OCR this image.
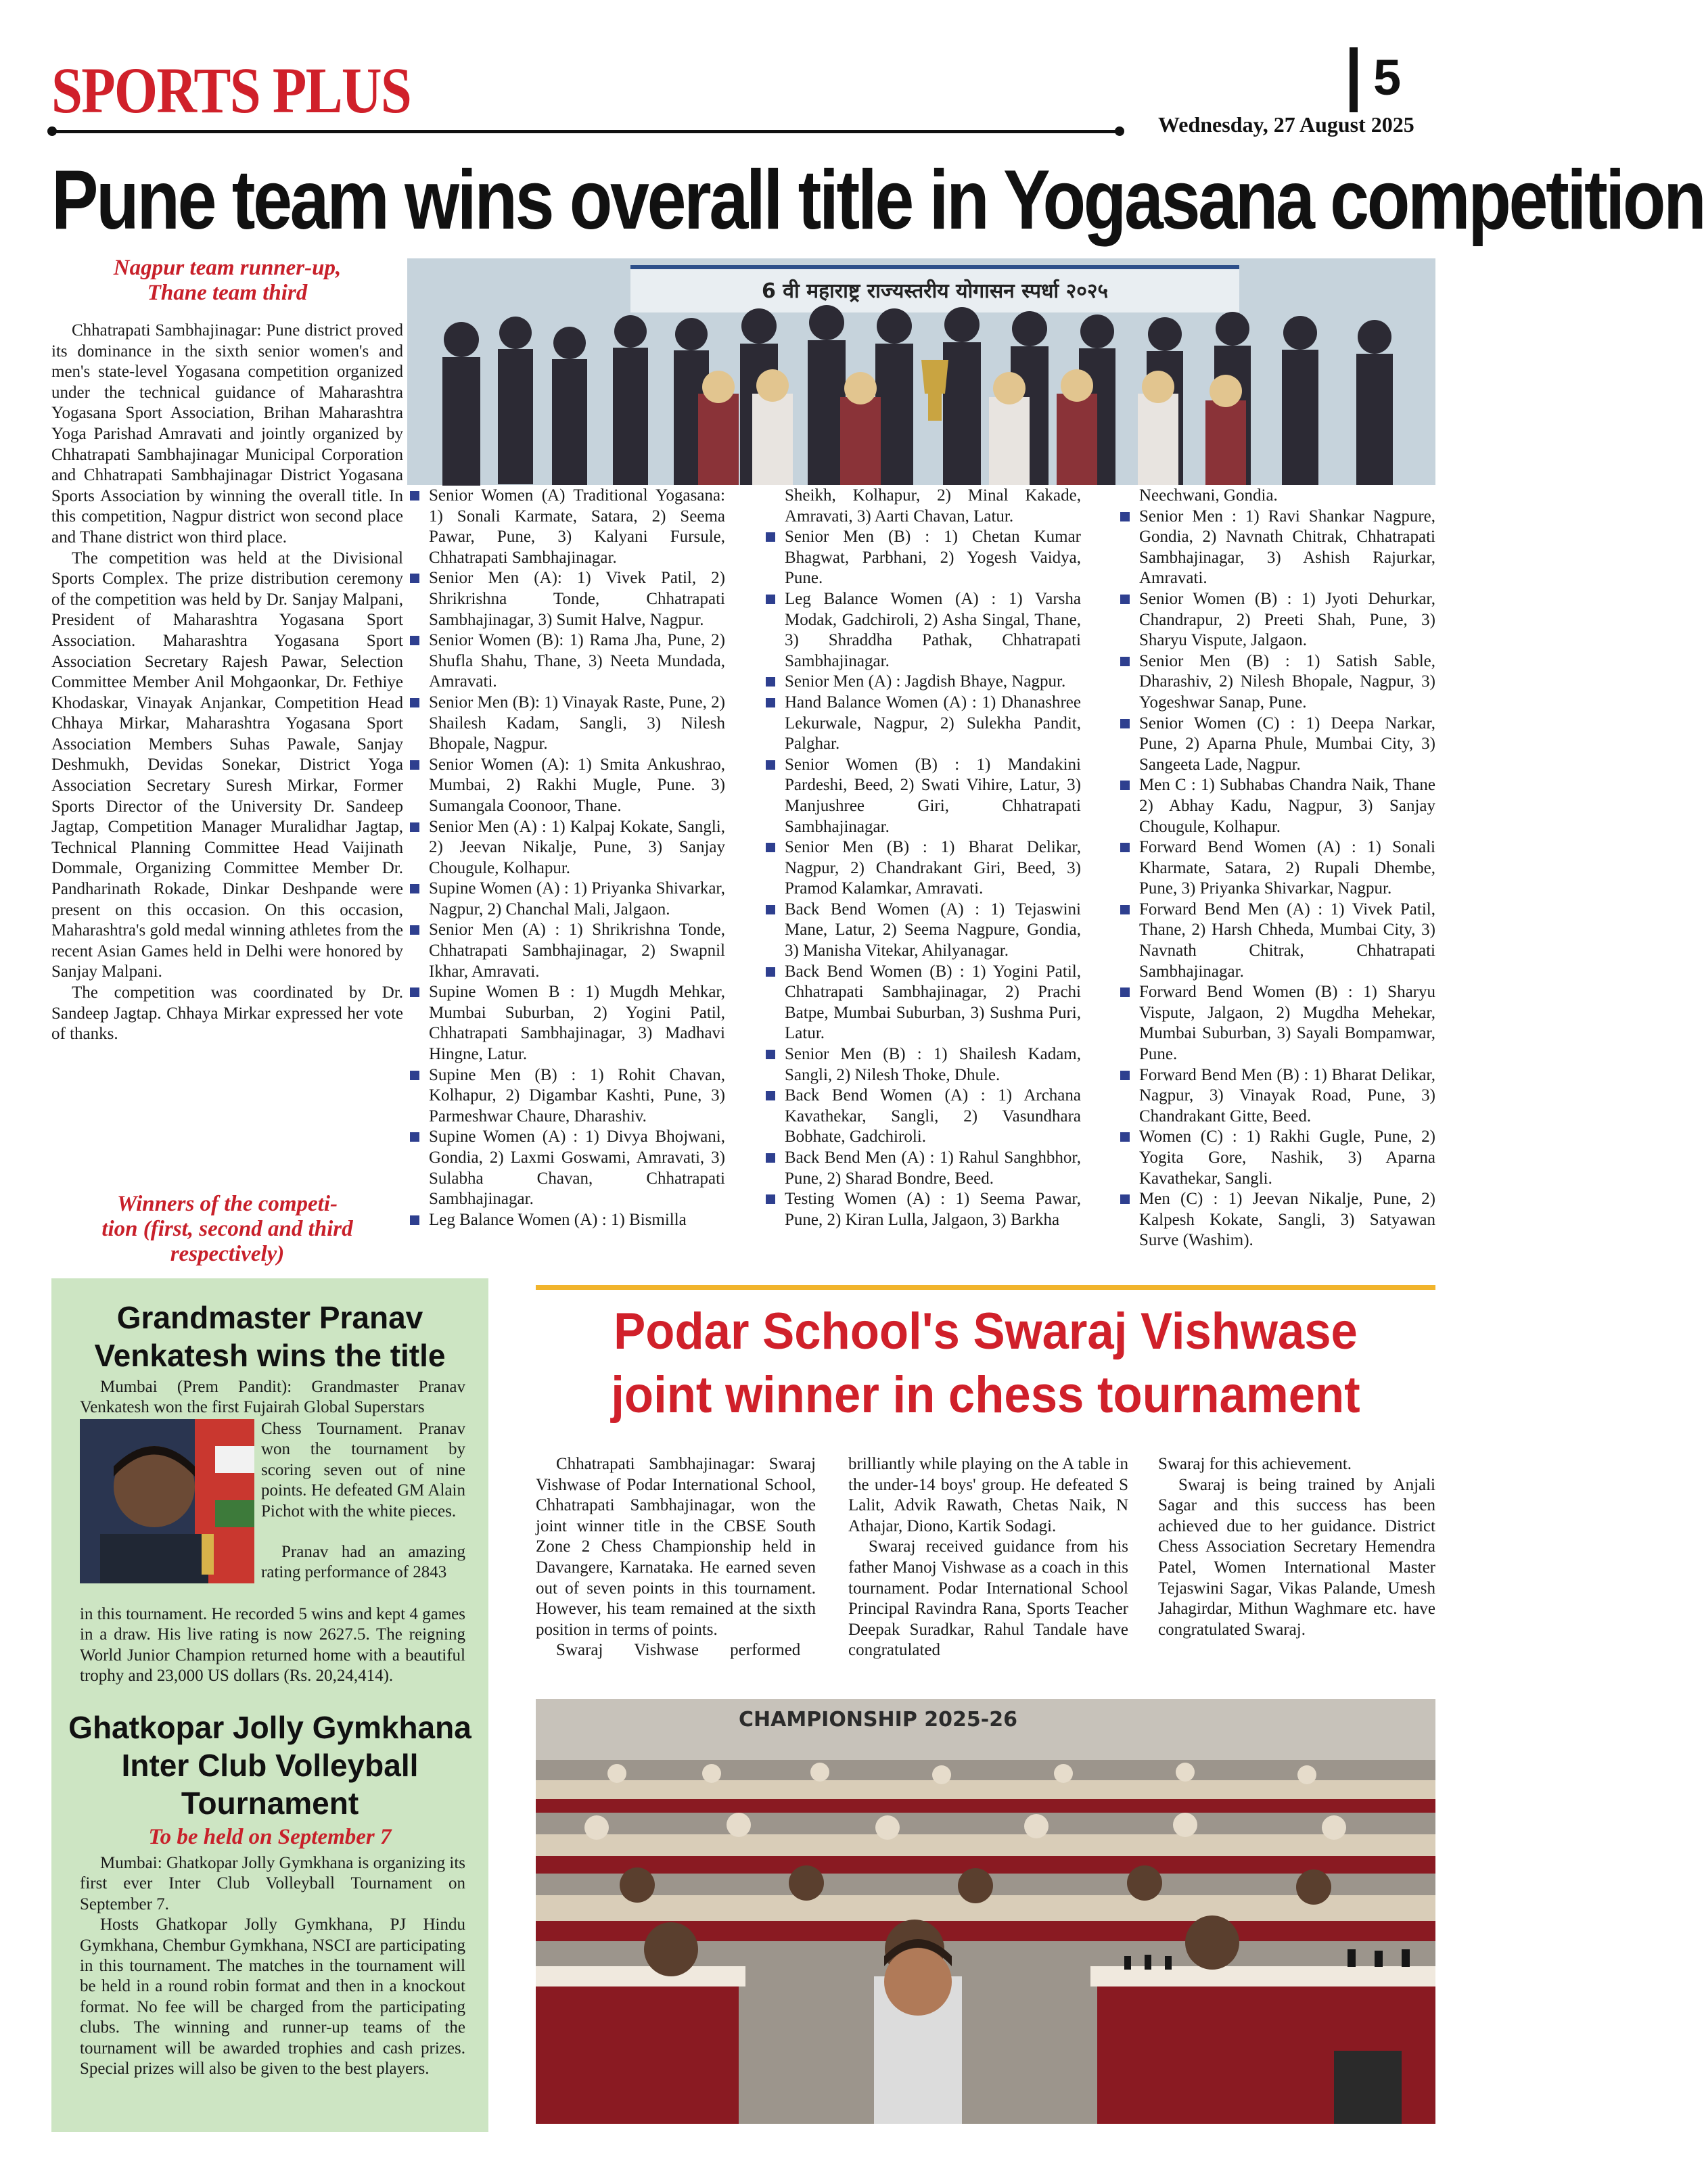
SPORTS PLUS	5
Wednesday, 27 August 2025
Pune team wins overall title in Yogasana competition
Nagpur team runner-up,
Thane team third

Chhatrapati Sambhajinagar: Pune district proved its dominance in the sixth senior women's and men's state-level Yogasana competition organized under the technical guidance of Maharashtra Yogasana Sport Association, Brihan Maharashtra Yoga Parishad Amravati and jointly organized by Chhatrapati Sambhajinagar Municipal Corporation and Chhatrapati Sambhajinagar District Yogasana Sports Association by winning the overall title. In this competition, Nagpur district won second place and Thane district won third place.

The competition was held at the Divisional Sports Complex. The prize distribution ceremony of the competition was held by Dr. Sanjay Malpani, President of Maharashtra Yogasana Sport Association. Maharashtra Yogasana Sport Association Secretary Rajesh Pawar, Selection Committee Member Anil Mohgaonkar, Dr. Fethiye Khodaskar, Vinayak Anjankar, Competition Head Chhaya Mirkar, Maharashtra Yogasana Sport Association Members Suhas Pawale, Sanjay Deshmukh, Devidas Sonekar, District Yoga Association Secretary Suresh Mirkar, Former Sports Director of the University Dr. Sandeep Jagtap, Competition Manager Muralidhar Jagtap, Technical Planning Committee Head Vaijinath Dommale, Organizing Committee Member Dr. Pandharinath Rokade, Dinkar Deshpande were present on this occasion. On this occasion, Maharashtra's gold medal winning athletes from the recent Asian Games held in Delhi were honored by Sanjay Malpani.

The competition was coordinated by Dr. Sandeep Jagtap. Chhaya Mirkar expressed her vote of thanks.

Winners of the competi-
tion (first, second and third
respectively)
6 वी महाराष्ट्र राज्यस्तरीय योगासन स्पर्धा २०२५
Senior Women (A) Traditional Yogasana: 1) Sonali Karmate, Satara, 2) Seema Pawar, Pune, 3) Kalyani Fursule, Chhatrapati Sambhajinagar.
Senior Men (A): 1) Vivek Patil, 2) Shrikrishna Tonde, Chhatrapati Sambhajinagar, 3) Sumit Halve, Nagpur.
Senior Women (B): 1) Rama Jha, Pune, 2) Shufla Shahu, Thane, 3) Neeta Mundada, Amravati.
Senior Men (B): 1) Vinayak Raste, Pune, 2) Shailesh Kadam, Sangli, 3) Nilesh Bhopale, Nagpur.
Senior Women (A): 1) Smita Ankushrao, Mumbai, 2) Rakhi Mugle, Pune. 3) Sumangala Coonoor, Thane.
Senior Men (A) : 1) Kalpaj Kokate, Sangli, 2) Jeevan Nikalje, Pune, 3) Sanjay Chougule, Kolhapur.
Supine Women (A) : 1) Priyanka Shivarkar, Nagpur, 2) Chanchal Mali, Jalgaon.
Senior Men (A) : 1) Shrikrishna Tonde, Chhatrapati Sambhajinagar, 2) Swapnil Ikhar, Amravati.
Supine Women B : 1) Mugdh Mehkar, Mumbai Suburban, 2) Yogini Patil, Chhatrapati Sambhajinagar, 3) Madhavi Hingne, Latur.
Supine Men (B) : 1) Rohit Chavan, Kolhapur, 2) Digambar Kashti, Pune, 3) Parmeshwar Chaure, Dharashiv.
Supine Women (A) : 1) Divya Bhojwani, Gondia, 2) Laxmi Goswami, Amravati, 3) Sulabha Chavan, Chhatrapati Sambhajinagar.
Leg Balance Women (A) : 1) Bismilla
Sheikh, Kolhapur, 2) Minal Kakade, Amravati, 3) Aarti Chavan, Latur.
Senior Men (B) : 1) Chetan Kumar Bhagwat, Parbhani, 2) Yogesh Vaidya, Pune.
Leg Balance Women (A) : 1) Varsha Modak, Gadchiroli, 2) Asha Singal, Thane, 3) Shraddha Pathak, Chhatrapati Sambhajinagar.
Senior Men (A) : Jagdish Bhaye, Nagpur.
Hand Balance Women (A) : 1) Dhanashree Lekurwale, Nagpur, 2) Sulekha Pandit, Palghar.
Senior Women (B) : 1) Mandakini Pardeshi, Beed, 2) Swati Vihire, Latur, 3) Manjushree Giri, Chhatrapati Sambhajinagar.
Senior Men (B) : 1) Bharat Delikar, Nagpur, 2) Chandrakant Giri, Beed, 3) Pramod Kalamkar, Amravati.
Back Bend Women (A) : 1) Tejaswini Mane, Latur, 2) Seema Nagpure, Gondia, 3) Manisha Vitekar, Ahilyanagar.
Back Bend Women (B) : 1) Yogini Patil, Chhatrapati Sambhajinagar, 2) Prachi Batpe, Mumbai Suburban, 3) Sushma Puri, Latur.
Senior Men (B) : 1) Shailesh Kadam, Sangli, 2) Nilesh Thoke, Dhule.
Back Bend Women (A) : 1) Archana Kavathekar, Sangli, 2) Vasundhara Bobhate, Gadchiroli.
Back Bend Men (A) : 1) Rahul Sanghbhor, Pune, 2) Sharad Bondre, Beed.
Testing Women (A) : 1) Seema Pawar, Pune, 2) Kiran Lulla, Jalgaon, 3) Barkha
Neechwani, Gondia.
Senior Men : 1) Ravi Shankar Nagpure, Gondia, 2) Navnath Chitrak, Chhatrapati Sambhajinagar, 3) Ashish Rajurkar, Amravati.
Senior Women (B) : 1) Jyoti Dehurkar, Chandrapur, 2) Preeti Shah, Pune, 3) Sharyu Vispute, Jalgaon.
Senior Men (B) : 1) Satish Sable, Dharashiv, 2) Nilesh Bhopale, Nagpur, 3) Yogeshwar Sanap, Pune.
Senior Women (C) : 1) Deepa Narkar, Pune, 2) Aparna Phule, Mumbai City, 3) Sangeeta Lade, Nagpur.
Men C : 1) Subhabas Chandra Naik, Thane 2) Abhay Kadu, Nagpur, 3) Sanjay Chougule, Kolhapur.
Forward Bend Women (A) : 1) Sonali Kharmate, Satara, 2) Rupali Dhembe, Pune, 3) Priyanka Shivarkar, Nagpur.
Forward Bend Men (A) : 1) Vivek Patil, Thane, 2) Harsh Chheda, Mumbai City, 3) Navnath Chitrak, Chhatrapati Sambhajinagar.
Forward Bend Women (B) : 1) Sharyu Vispute, Jalgaon, 2) Mugdha Mehekar, Mumbai Suburban, 3) Sayali Bompamwar, Pune.
Forward Bend Men (B) : 1) Bharat Delikar, Nagpur, 3) Vinayak Road, Pune, 3) Chandrakant Gitte, Beed.
Women (C) : 1) Rakhi Gugle, Pune, 2) Yogita Gore, Nashik, 3) Aparna Kavathekar, Sangli.
Men (C) : 1) Jeevan Nikalje, Pune, 2) Kalpesh Kokate, Sangli, 3) Satyawan Surve (Washim).
Grandmaster Pranav Venkatesh wins the title

Mumbai (Prem Pandit): Grandmaster Pranav Venkatesh won the first Fujairah Global Superstars

Chess Tournament. Pranav won the tournament by scoring seven out of nine points. He defeated GM Alain Pichot with the white pieces.

Pranav had an amazing rating performance of 2843

in this tournament. He recorded 5 wins and kept 4 games in a draw. His live rating is now 2627.5. The reigning World Junior Champion returned home with a beautiful trophy and 23,000 US dollars (Rs. 20,24,414).
Ghatkopar Jolly Gymkhana Inter Club Volleyball Tournament
To be held on September 7

Mumbai: Ghatkopar Jolly Gymkhana is organizing its first ever Inter Club Volleyball Tournament on September 7.

Hosts Ghatkopar Jolly Gymkhana, PJ Hindu Gymkhana, Chembur Gymkhana, NSCI are participating in this tournament. The matches in the tournament will be held in a round robin format and then in a knockout format. No fee will be charged from the participating clubs. The winning and runner-up teams of the tournament will be awarded trophies and cash prizes. Special prizes will also be given to the best players.

Podar School's Swaraj Vishwase joint winner in chess tournament

Chhatrapati Sambhajinagar: Swaraj Vishwase of Podar International School, Chhatrapati Sambhajinagar, won the joint winner title in the CBSE South Zone 2 Chess Championship held in Davangere, Karnataka. He earned seven out of seven points in this tournament. However, his team remained at the sixth position in terms of points.

Swaraj Vishwase performed

brilliantly while playing on the A table in the under-14 boys' group. He defeated S Lalit, Advik Rawath, Chetas Naik, N Athajar, Diono, Kartik Sodagi.

Swaraj received guidance from his father Manoj Vishwase as a coach in this tournament. Podar International School Principal Ravindra Rana, Sports Teacher Deepak Suradkar, Rahul Tandale have congratulated

Swaraj for this achievement.

Swaraj is being trained by Anjali Sagar and this success has been achieved due to her guidance. District Chess Association Secretary Hemendra Patel, Women International Master Tejaswini Sagar, Vikas Palande, Umesh Jahagirdar, Mithun Waghmare etc. have congratulated Swaraj.

CHAMPIONSHIP 2025-26
